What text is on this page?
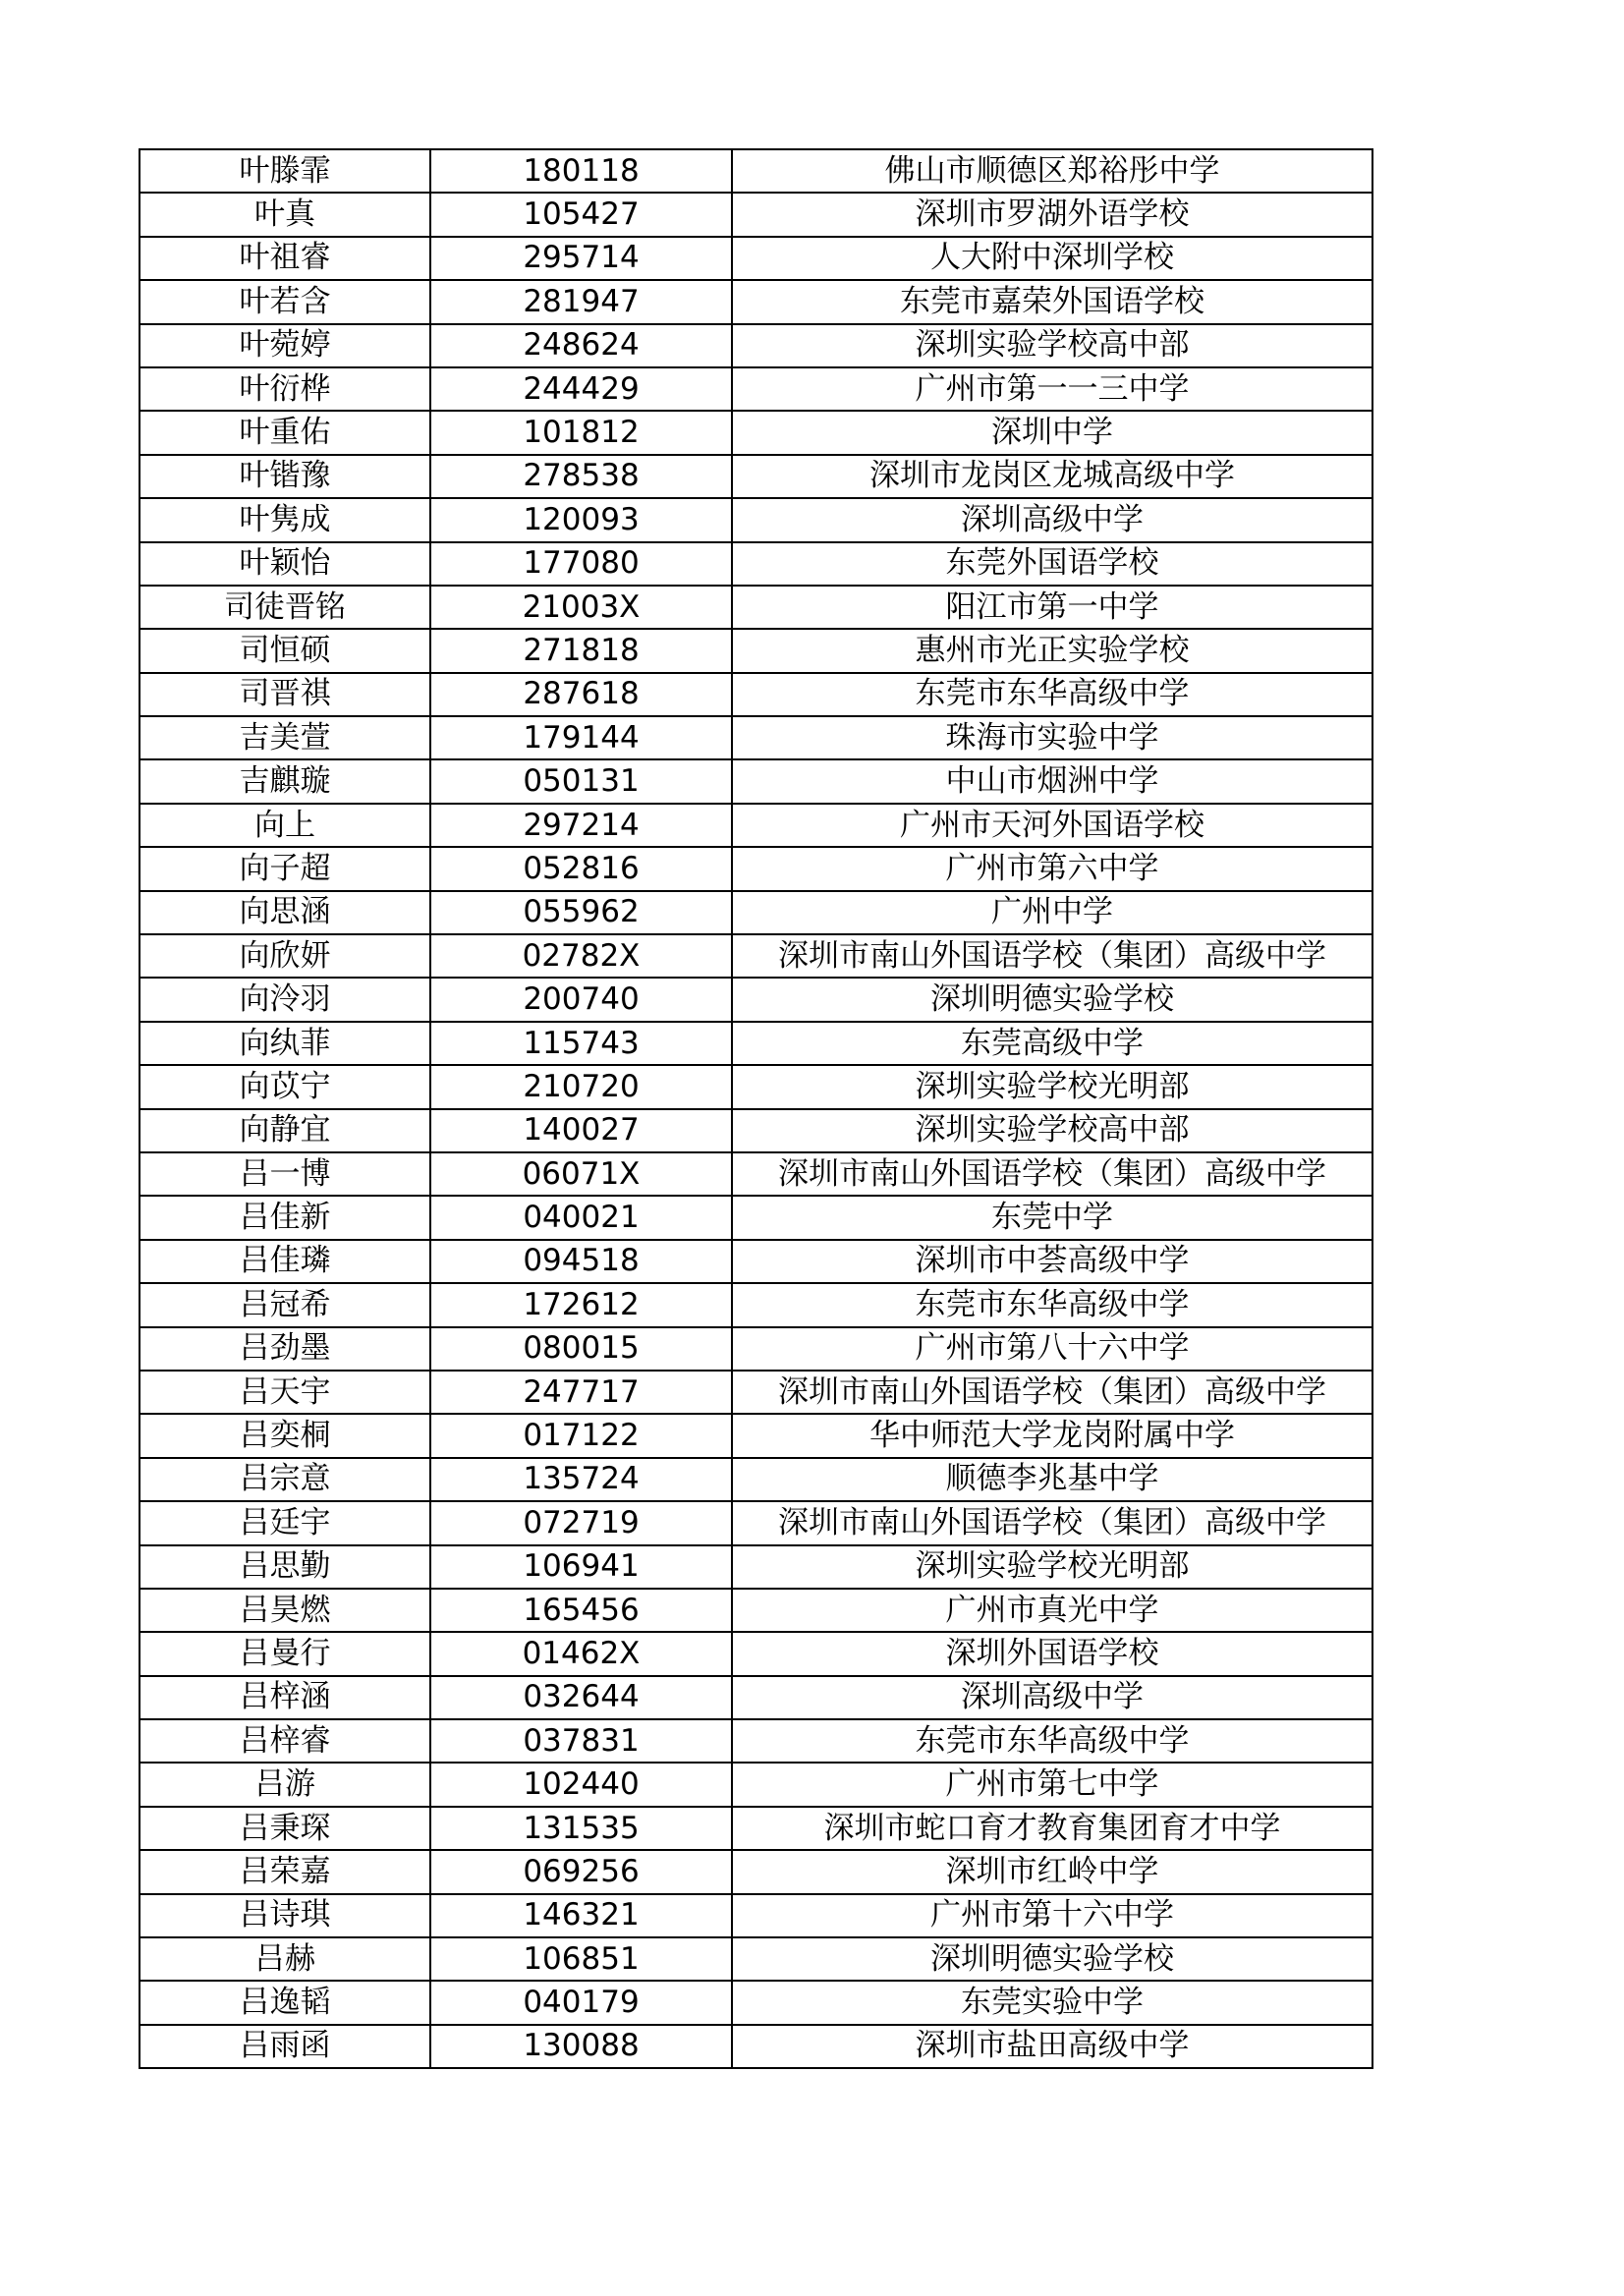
叶滕霏	180118	佛山市顺德区郑裕彤中学
叶真	105427	深圳市罗湖外语学校
叶祖睿	295714	人大附中深圳学校
叶若含	281947	东莞市嘉荣外国语学校
叶菀婷	248624	深圳实验学校高中部
叶衍桦	244429	广州市第一一三中学
叶重佑	101812	深圳中学
叶锴豫	278538	深圳市龙岗区龙城高级中学
叶隽成	120093	深圳高级中学
叶颖怡	177080	东莞外国语学校
司徒晋铭	21003X	阳江市第一中学
司恒硕	271818	惠州市光正实验学校
司晋祺	287618	东莞市东华高级中学
吉美萱	179144	珠海市实验中学
吉麒璇	050131	中山市烟洲中学
向上	297214	广州市天河外国语学校
向子超	052816	广州市第六中学
向思涵	055962	广州中学
向欣妍	02782X	深圳市南山外国语学校（集团）高级中学
向泠羽	200740	深圳明德实验学校
向纨菲	115743	东莞高级中学
向苡宁	210720	深圳实验学校光明部
向静宜	140027	深圳实验学校高中部
吕一博	06071X	深圳市南山外国语学校（集团）高级中学
吕佳新	040021	东莞中学
吕佳璘	094518	深圳市中荟高级中学
吕冠希	172612	东莞市东华高级中学
吕劲墨	080015	广州市第八十六中学
吕天宇	247717	深圳市南山外国语学校（集团）高级中学
吕奕桐	017122	华中师范大学龙岗附属中学
吕宗意	135724	顺德李兆基中学
吕廷宇	072719	深圳市南山外国语学校（集团）高级中学
吕思勤	106941	深圳实验学校光明部
吕昊燃	165456	广州市真光中学
吕曼行	01462X	深圳外国语学校
吕梓涵	032644	深圳高级中学
吕梓睿	037831	东莞市东华高级中学
吕游	102440	广州市第七中学
吕秉琛	131535	深圳市蛇口育才教育集团育才中学
吕荣嘉	069256	深圳市红岭中学
吕诗琪	146321	广州市第十六中学
吕赫	106851	深圳明德实验学校
吕逸韬	040179	东莞实验中学
吕雨函	130088	深圳市盐田高级中学
